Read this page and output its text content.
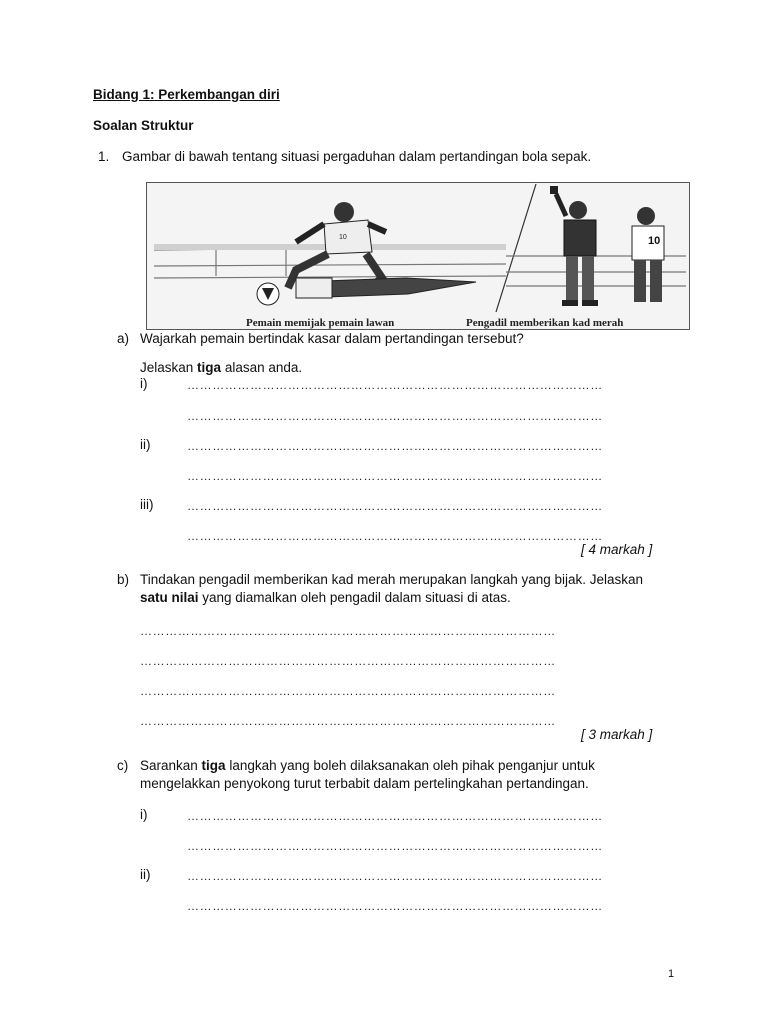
Bidang 1: Perkembangan diri
Soalan Struktur
1. Gambar di bawah tentang situasi pergaduhan dalam pertandingan bola sepak.
10	10
Pemain memijak pemain lawan	Pengadil memberikan kad merah
a) Wajarkah pemain bertindak kasar dalam pertandingan tersebut?
Jelaskan tiga alasan anda.
i)	………………………………………………………………………………………
………………………………………………………………………………………
ii)	………………………………………………………………………………………
………………………………………………………………………………………
iii)	………………………………………………………………………………………
………………………………………………………………………………………
[ 4 markah ]
b) Tindakan pengadil memberikan kad merah merupakan langkah yang bijak. Jelaskan
satu nilai yang diamalkan oleh pengadil dalam situasi di atas.
………………………………………………………………………………………
………………………………………………………………………………………
………………………………………………………………………………………
………………………………………………………………………………………
[ 3 markah ]
c) Sarankan tiga langkah yang boleh dilaksanakan oleh pihak penganjur untuk
mengelakkan penyokong turut terbabit dalam pertelingkahan pertandingan.
i)	………………………………………………………………………………………
………………………………………………………………………………………
ii)	………………………………………………………………………………………
………………………………………………………………………………………
1
